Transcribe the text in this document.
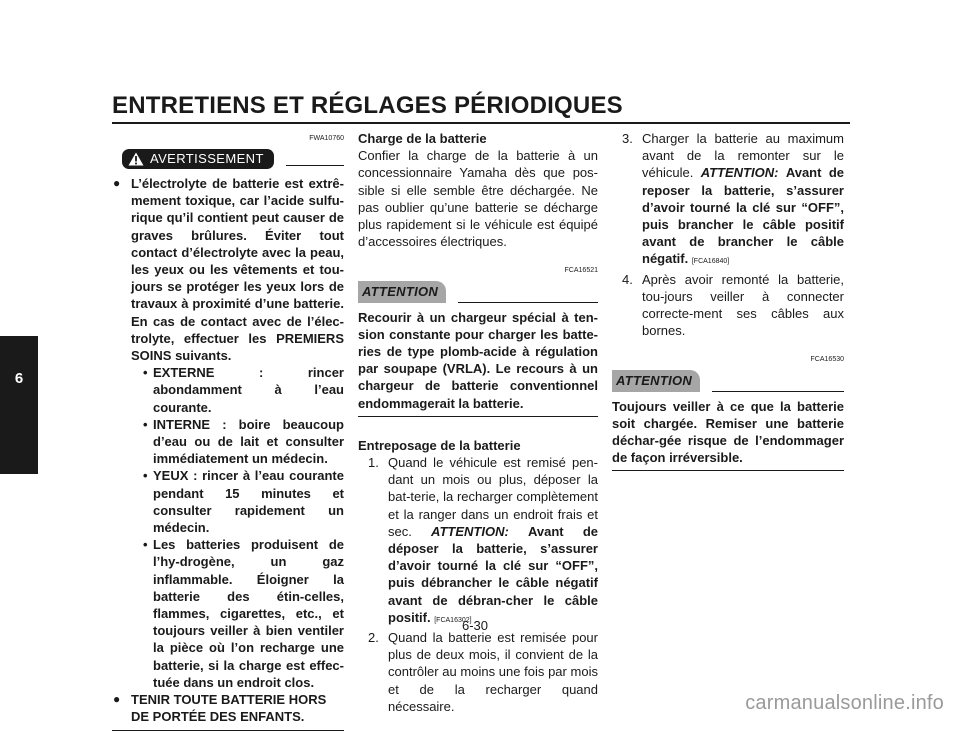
6
ENTRETIENS ET RÉGLAGES PÉRIODIQUES
FWA10760
AVERTISSEMENT
● L’électrolyte de batterie est extrê-mement toxique, car l’acide sulfu-rique qu’il contient peut causer de graves brûlures. Éviter tout contact d’électrolyte avec la peau, les yeux ou les vêtements et tou-jours se protéger les yeux lors de travaux à proximité d’une batterie. En cas de contact avec de l’élec-trolyte, effectuer les PREMIERS SOINS suivants.

• EXTERNE : rincer abondamment à l’eau courante.

• INTERNE : boire beaucoup d’eau ou de lait et consulter immédiatement un médecin.

• YEUX : rincer à l’eau courante pendant 15 minutes et consulter rapidement un médecin.

• Les batteries produisent de l’hy-drogène, un gaz inflammable. Éloigner la batterie des étin-celles, flammes, cigarettes, etc., et toujours veiller à bien ventiler la pièce où l’on recharge une batterie, si la charge est effec-tuée dans un endroit clos.

● TENIR TOUTE BATTERIE HORS DE PORTÉE DES ENFANTS.

Charge de la batterie

Confier la charge de la batterie à un concessionnaire Yamaha dès que pos-sible si elle semble être déchargée. Ne pas oublier qu’une batterie se décharge plus rapidement si le véhicule est équipé d’accessoires électriques.

FCA16521
ATTENTION

Recourir à un chargeur spécial à ten-sion constante pour charger les batte-ries de type plomb-acide à régulation par soupape (VRLA). Le recours à un chargeur de batterie conventionnel endommagerait la batterie.

Entreposage de la batterie

1. Quand le véhicule est remisé pen-dant un mois ou plus, déposer la bat-terie, la recharger complètement et la ranger dans un endroit frais et sec. ATTENTION: Avant de déposer la batterie, s’assurer d’avoir tourné la clé sur “OFF”, puis débrancher le câble négatif avant de débran-cher le câble positif. [FCA16302]
2. Quand la batterie est remisée pour plus de deux mois, il convient de la contrôler au moins une fois par mois et de la recharger quand nécessaire.

3. Charger la batterie au maximum avant de la remonter sur le véhicule. ATTENTION: Avant de reposer la batterie, s’assurer d’avoir tourné la clé sur “OFF”, puis brancher le câble positif avant de brancher le câble négatif. [FCA16840]
4. Après avoir remonté la batterie, tou-jours veiller à connecter correcte-ment ses câbles aux bornes.

FCA16530
ATTENTION

Toujours veiller à ce que la batterie soit chargée. Remiser une batterie déchar-gée risque de l’endommager de façon irréversible.

6-30
carmanualsonline.info
